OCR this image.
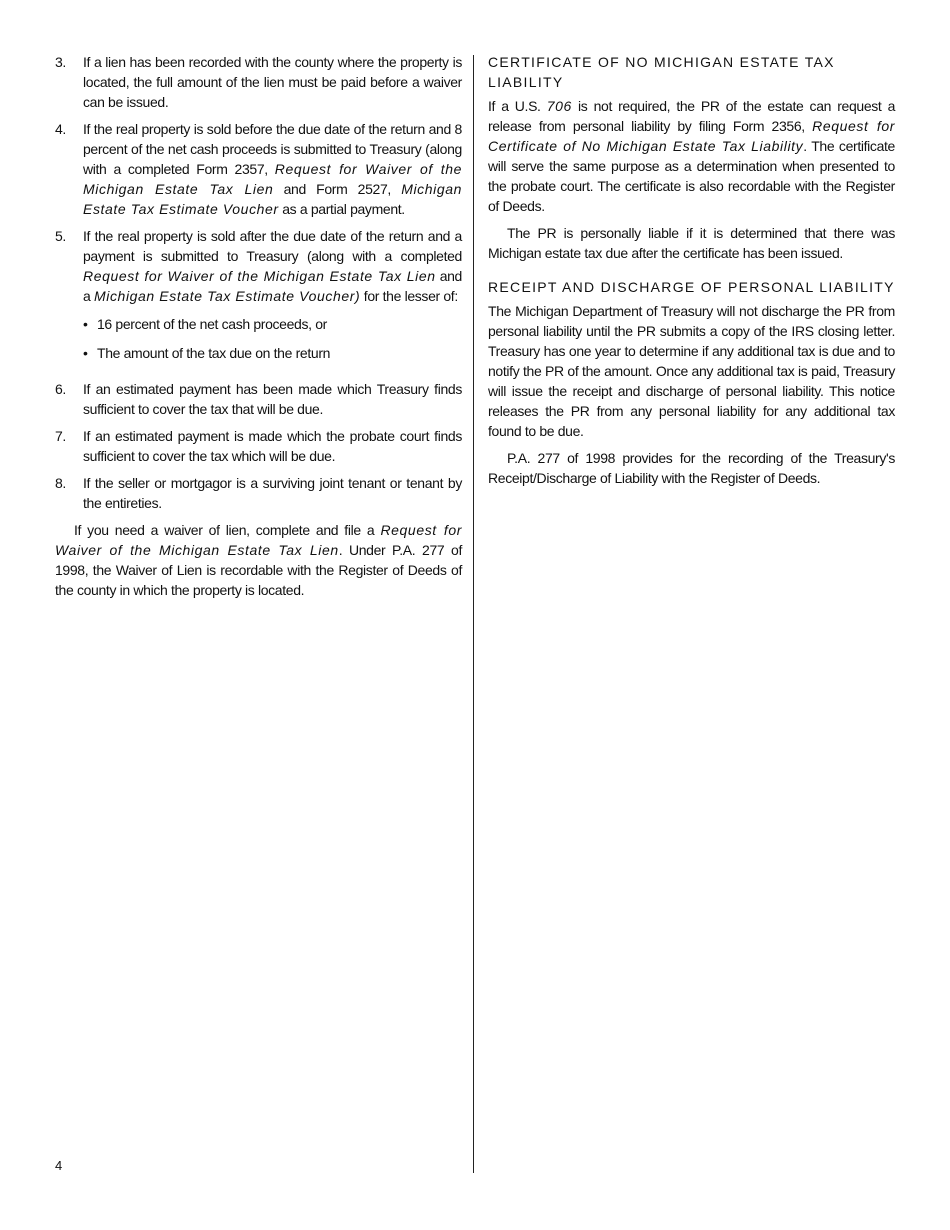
3.	If a lien has been recorded with the county where the property is located, the full amount of the lien must be paid before a waiver can be issued.
4.	If the real property is sold before the due date of the return and 8 percent of the net cash proceeds is submitted to Treasury (along with a completed Form 2357, Request for Waiver of the Michigan Estate Tax Lien and Form 2527, Michigan Estate Tax Estimate Voucher as a partial payment.
5.	If the real property is sold after the due date of the return and a payment is submitted to Treasury (along with a completed Request for Waiver of the Michigan Estate Tax Lien and a Michigan Estate Tax Estimate Voucher) for the lesser of:
• 16 percent of the net cash proceeds, or
• The amount of the tax due on the return
6.	If an estimated payment has been made which Treasury finds sufficient to cover the tax that will be due.
7.	If an estimated payment is made which the probate court finds sufficient to cover the tax which will be due.
8.	If the seller or mortgagor is a surviving joint tenant or tenant by the entireties.

If you need a waiver of lien, complete and file a Request for Waiver of the Michigan Estate Tax Lien. Under P.A. 277 of 1998, the Waiver of Lien is recordable with the Register of Deeds of the county in which the property is located.

CERTIFICATE OF NO MICHIGAN ESTATE TAX LIABILITY

If a U.S. 706 is not required, the PR of the estate can request a release from personal liability by filing Form 2356, Request for Certificate of No Michigan Estate Tax Liability. The certificate will serve the same purpose as a determination when presented to the probate court. The certificate is also recordable with the Register of Deeds.

The PR is personally liable if it is determined that there was Michigan estate tax due after the certificate has been issued.

RECEIPT AND DISCHARGE OF PERSONAL LIABILITY

The Michigan Department of Treasury will not discharge the PR from personal liability until the PR submits a copy of the IRS closing letter. Treasury has one year to determine if any additional tax is due and to notify the PR of the amount. Once any additional tax is paid, Treasury will issue the receipt and discharge of personal liability. This notice releases the PR from any personal liability for any additional tax found to be due.

P.A. 277 of 1998 provides for the recording of the Treasury's Receipt/Discharge of Liability with the Register of Deeds.

4
